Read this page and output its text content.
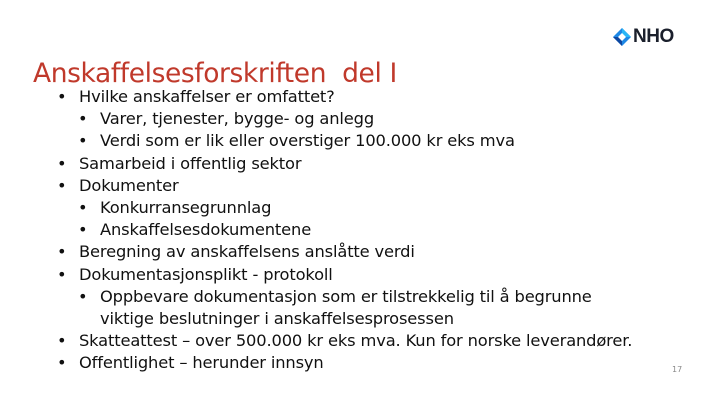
NHO
Anskaffelsesforskriften  del I
• Hvilke anskaffelser er omfattet?
• Varer, tjenester, bygge- og anlegg
• Verdi som er lik eller overstiger 100.000 kr eks mva
• Samarbeid i offentlig sektor
• Dokumenter
• Konkurransegrunnlag
• Anskaffelsesdokumentene
• Beregning av anskaffelsens anslåtte verdi
• Dokumentasjonsplikt - protokoll
• Oppbevare dokumentasjon som er tilstrekkelig til å begrunne
viktige beslutninger i anskaffelsesprosessen
• Skatteattest – over 500.000 kr eks mva. Kun for norske leverandører.
• Offentlighet – herunder innsyn	17
